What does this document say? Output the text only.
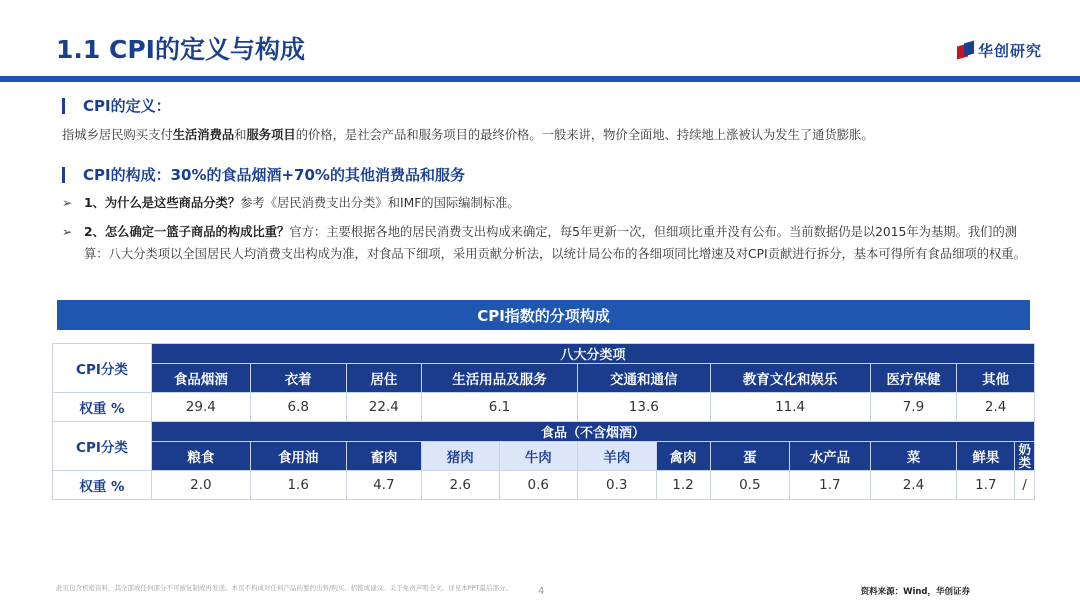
1.1 CPI的定义与构成	华创研究
CPI的定义：
指城乡居民购买支付生活消费品和服务项目的价格，是社会产品和服务项目的最终价格。一般来讲，物价全面地、持续地上涨被认为发生了通货膨胀。
CPI的构成：30%的食品烟酒+70%的其他消费品和服务
➢ 1、为什么是这些商品分类？参考《居民消费支出分类》和IMF的国际编制标准。
➢ 2、怎么确定一篮子商品的构成比重？官方：主要根据各地的居民消费支出构成来确定，每5年更新一次，但细项比重并没有公布。当前数据仍是以2015年为基期。我们的测算：八大分类项以全国居民人均消费支出构成为准，对食品下细项，采用贡献分析法，以统计局公布的各细项同比增速及对CPI贡献进行拆分，基本可得所有食品细项的权重。
CPI指数的分项构成
CPI分类	八大分类项											
	食品烟酒	衣着	居住	生活用品及服务		交通和通信		教育文化和娱乐		医疗保健	其他	
权重 %	29.4	6.8	22.4	6.1		13.6		11.4		7.9	2.4	
CPI分类	食品（不含烟酒）											
	粮食	食用油	畜肉	猪肉	牛肉	羊肉	禽肉	蛋	水产品	菜	鲜果	奶类
权重 %	2.0	1.6	4.7	2.6	0.6	0.3	1.2	0.5	1.7	2.4	1.7	/
此页包含机密资料，其全部或任何部分不可被复制或再发送。本页不构成对任何产品的要约出售/购买、招揽或建议。关于免责声明全文，详见本PPT最后部分。	4	资料来源：Wind，华创证券
